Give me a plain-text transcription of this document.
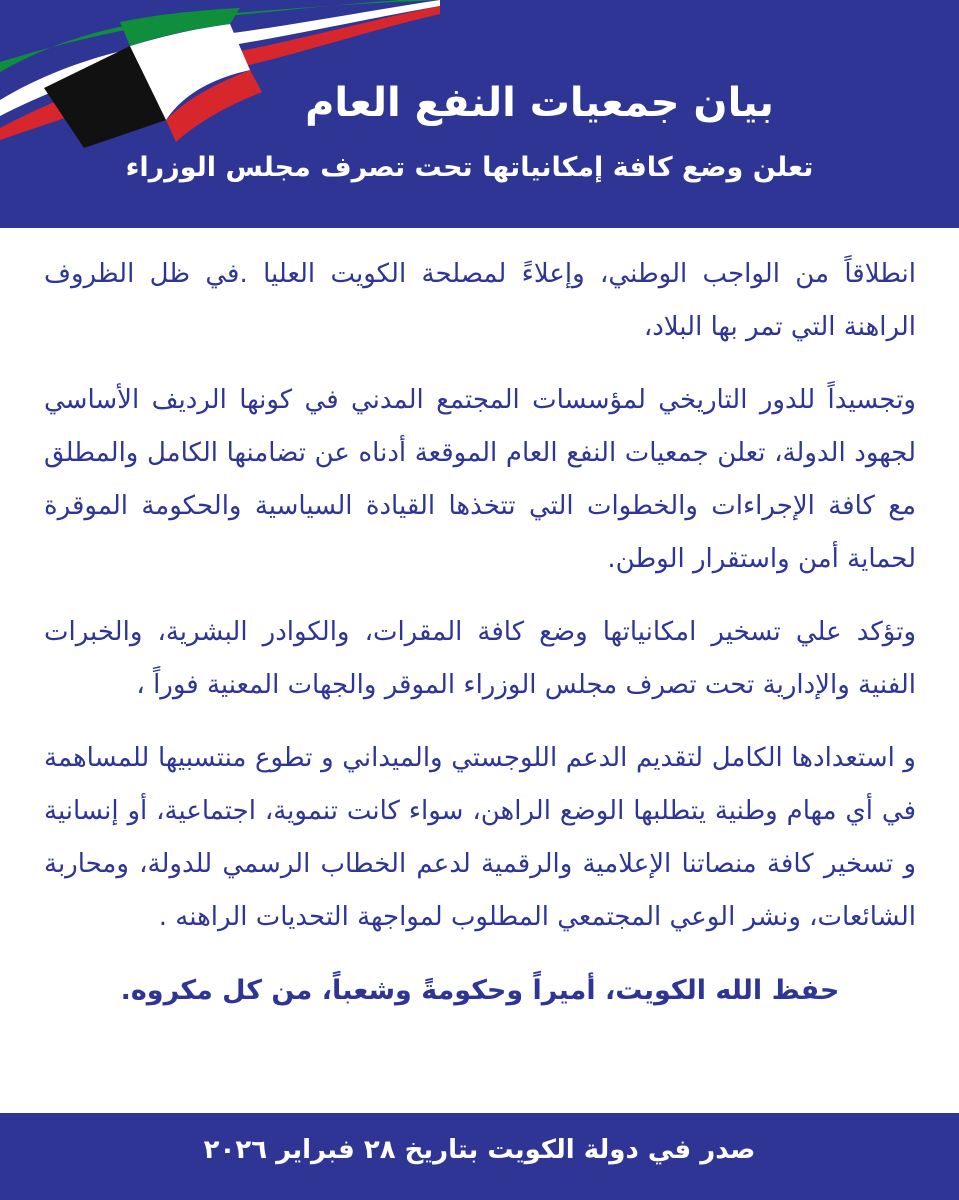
بيان جمعيات النفع العام
تعلن وضع كافة إمكانياتها تحت تصرف مجلس الوزراء

انطلاقاً من الواجب الوطني، وإعلاءً لمصلحة الكويت العليا .في ظل الظروف الراهنة التي تمر بها البلاد،

وتجسيداً للدور التاريخي لمؤسسات المجتمع المدني في كونها الرديف الأساسي لجهود الدولة، تعلن جمعيات النفع العام الموقعة أدناه عن تضامنها الكامل والمطلق مع كافة الإجراءات والخطوات التي تتخذها القيادة السياسية والحكومة الموقرة لحماية أمن واستقرار الوطن.

وتؤكد علي تسخير امكانياتها وضع كافة المقرات، والكوادر البشرية، والخبرات الفنية والإدارية تحت تصرف مجلس الوزراء الموقر والجهات المعنية فوراً ،

و استعدادها الكامل لتقديم الدعم اللوجستي والميداني و تطوع منتسبيها للمساهمة في أي مهام وطنية يتطلبها الوضع الراهن، سواء كانت تنموية، اجتماعية، أو إنسانية و تسخير كافة منصاتنا الإعلامية والرقمية لدعم الخطاب الرسمي للدولة، ومحاربة الشائعات، ونشر الوعي المجتمعي المطلوب لمواجهة التحديات الراهنه .

حفظ الله الكويت، أميراً وحكومةً وشعباً، من كل مكروه.

صدر في دولة الكويت بتاريخ ٢٨ فبراير ٢٠٢٦
